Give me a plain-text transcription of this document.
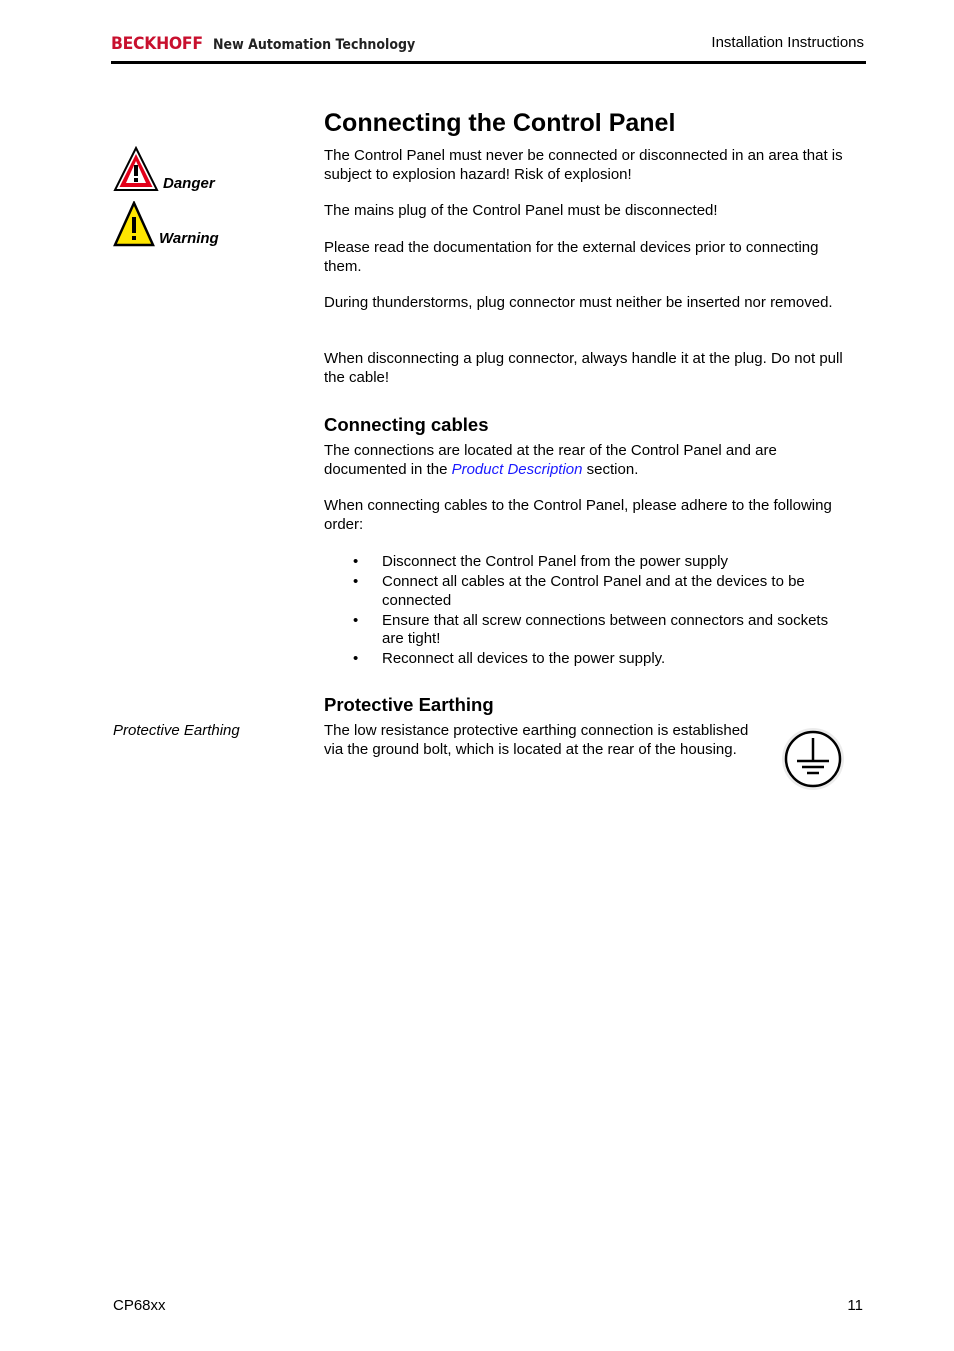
BECKHOFF New Automation Technology	Installation Instructions
Danger
Warning
Connecting the Control Panel

The Control Panel must never be connected or disconnected in an area that is subject to explosion hazard! Risk of explosion!

The mains plug of the Control Panel must be disconnected!

Please read the documentation for the external devices prior to connecting them.

During thunderstorms, plug connector must neither be inserted nor removed.

When disconnecting a plug connector, always handle it at the plug. Do not pull the cable!

Connecting cables

The connections are located at the rear of the Control Panel and are documented in the Product Description section.

When connecting cables to the Control Panel, please adhere to the following order:

• Disconnect the Control Panel from the power supply
• Connect all cables at the Control Panel and at the devices to be connected
• Ensure that all screw connections between connectors and sockets are tight!
• Reconnect all devices to the power supply.
Protective Earthing
Protective Earthing	The low resistance protective earthing connection is established via the ground bolt, which is located at the rear of the housing.

CP68xx	11
